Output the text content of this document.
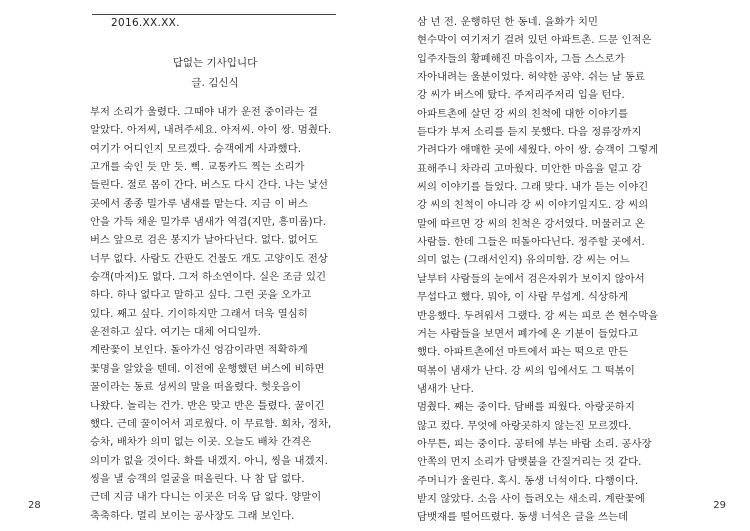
2016.XX.XX.
답없는 기사입니다
글. 김신식
부저 소리가 울렸다. 그때야 내가 운전 중이라는 걸
알았다. 아저씨, 내려주세요. 아저씨. 아이 쌍. 멈췄다.
여기가 어디인지 모르겠다. 승객에게 사과했다.
고개를 숙인 듯 만 듯. 삑. 교통카드 찍는 소리가
들린다. 절로 몸이 간다. 버스도 다시 간다. 나는 낯선
곳에서 종종 밀가루 냄새를 맡는다. 지금 이 버스
안을 가득 채운 밀가루 냄새가 역겹(지만, 흥미롭)다.
버스 앞으로 검은 봉지가 날아다닌다. 없다. 없어도
너무 없다. 사람도 간판도 건물도 개도 고양이도 전상
승객(마저)도 없다. 그저 하소연이다. 실은 조금 있긴
하다. 하나 없다고 말하고 싶다. 그런 곳을 오가고
있다. 째고 싶다. 기이하지만 그래서 더욱 열심히
운전하고 싶다. 여기는 대체 어디일까.
계란꽃이 보인다. 돌아가신 엉감이라면 적확하게
꽃명을 알았을 텐데. 이전에 운행했던 버스에 비하면
꿀이라는 동료 성씨의 말을 떠올렸다. 헛웃음이
나왔다. 놀리는 건가. 반은 맞고 반은 틀렸다. 꿀이긴
했다. 근데 꿀이어서 괴로웠다. 이 무료함. 회차, 정차,
승차, 배차가 의미 없는 이곳. 오늘도 배차 간격은
의미가 없을 것이다. 화를 내겠지. 아니, 씽을 내겠지.
씽을 낼 승객의 얼굴을 떠올린다. 나 참 답 없다.
근데 지금 내가 다니는 이곳은 더욱 답 없다. 양말이
축축하다. 멀리 보이는 공사장도 그래 보인다.
28
삼 년 전. 운행하던 한 동네. 을화가 치민
현수막이 여기저기 걸려 있던 아파트촌. 드문 인적은
입주자들의 황폐해진 마음이자, 그들 스스로가
자아내려는 울분이었다. 허약한 공약. 쉬는 날 동료
강 씨가 버스에 탔다. 주저리주저리 입을 턴다.
아파트촌에 살던 강 씨의 친척에 대한 이야기를
듣다가 부저 소리를 듣지 못했다. 다음 정류장까지
가려다가 애매한 곳에 세웠다. 아이 쌍. 승객이 그렇게
표해주니 차라리 고마웠다. 미안한 마음을 덜고 강
씨의 이야기를 들었다. 그래 맞다. 내가 듣는 이야긴
강 씨의 친척이 아니라 강 씨 이야기일지도. 강 씨의
말에 따르면 강 씨의 친척은 강서였다. 머물러고 온
사람들. 한데 그들은 떠돌아다닌다. 정주할 곳에서.
의미 없는 (그래서인지) 유의미함. 강 씨는 어느
날부터 사람들의 눈에서 검은자위가 보이지 않아서
무섭다고 했다. 뭐야, 이 사람 무섭게. 식상하게
반응했다. 두려워서 그랬다. 강 씨는 피로 쓴 현수막을
거는 사람들을 보면서 폐가에 온 기분이 들었다고
했다. 아파트촌에선 마트에서 파는 떡으로 만든
떡볶이 냄새가 난다. 강 씨의 입에서도 그 떡볶이
냄새가 난다.
멈췄다. 째는 중이다. 담배를 피웠다. 아랑곳하지
않고 컸다. 무엇에 아랑곳하지 않는진 모르겠다.
아무튼, 피는 중이다. 공터에 부는 바람 소리. 공사장
안쪽의 먼지 소리가 담뱃불을 간질거리는 것 같다.
주머니가 울린다. 혹시. 동생 너석이다. 다행이다.
받지 않았다. 소음 사이 들려오는 새소리. 계란꽃에
담뱃재를 떨어뜨렸다. 동생 너석은 글을 쓰는데
29
